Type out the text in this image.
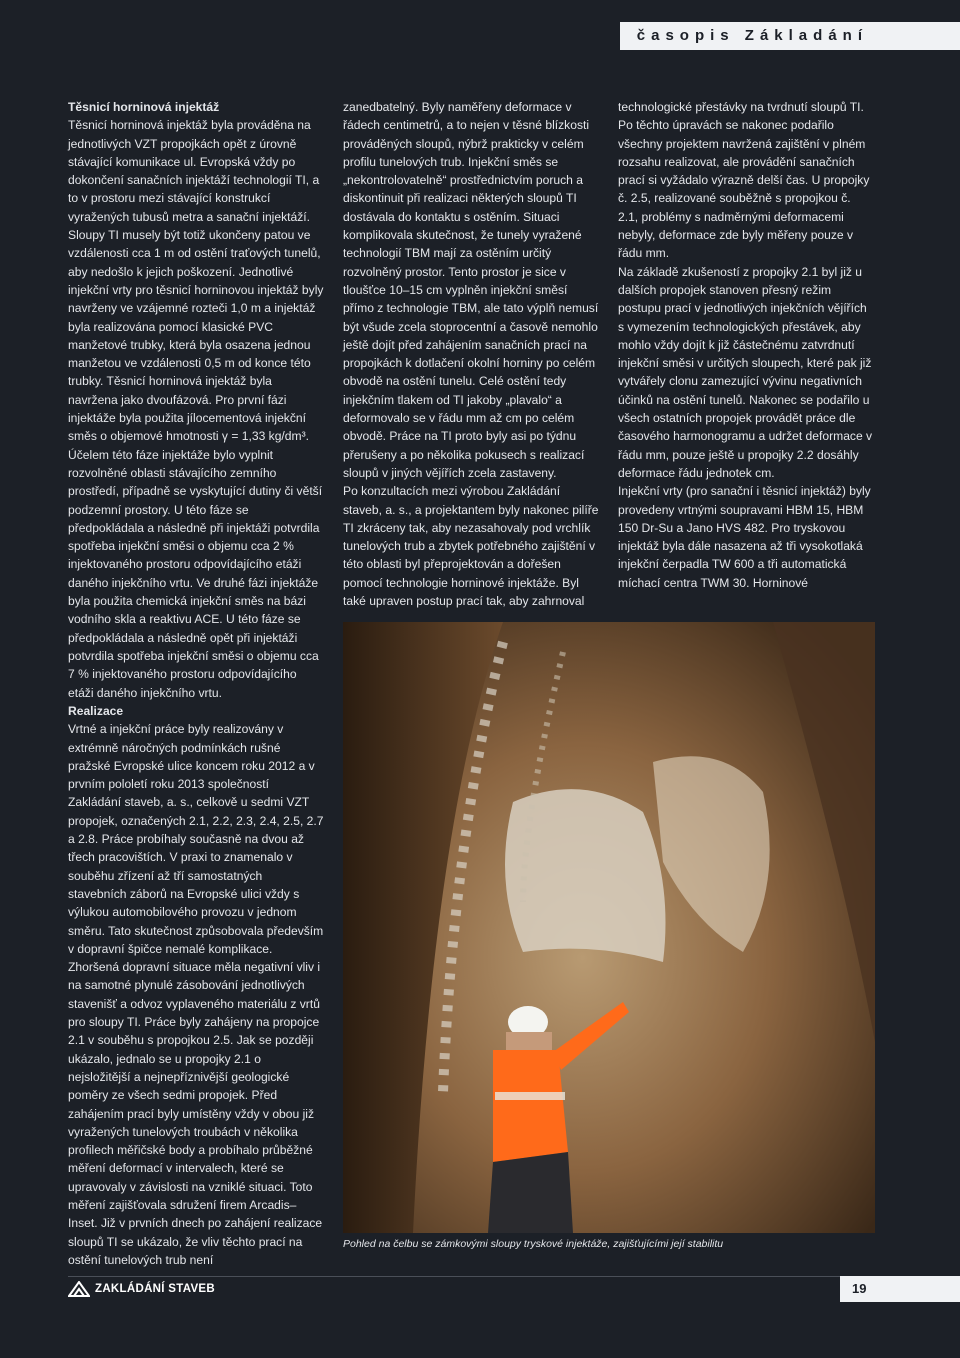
časopis Základání

Těsnicí horninová injektáž

Těsnicí horninová injektáž byla prováděna na jednotlivých VZT propojkách opět z úrovně stávající komunikace ul. Evropská vždy po dokončení sanačních injektáží technologií TI, a to v prostoru mezi stávající konstrukcí vyražených tubusů metra a sanační injektáží. Sloupy TI musely být totiž ukončeny patou ve vzdálenosti cca 1 m od ostění traťových tunelů, aby nedošlo k jejich poškození. Jednotlivé injekční vrty pro těsnicí horninovou injektáž byly navrženy ve vzájemné rozteči 1,0 m a injektáž byla realizována pomocí klasické PVC manžetové trubky, která byla osazena jednou manžetou ve vzdálenosti 0,5 m od konce této trubky. Těsnicí horninová injektáž byla navržena jako dvoufázová. Pro první fázi injektáže byla použita jílocementová injekční směs o objemové hmotnosti γ = 1,33 kg/dm³. Účelem této fáze injektáže bylo vyplnit rozvolněné oblasti stávajícího zemního prostředí, případně se vyskytující dutiny či větší podzemní prostory. U této fáze se předpokládala a následně při injektáži potvrdila spotřeba injekční směsi o objemu cca 2 % injektovaného prostoru odpovídajícího etáži daného injekčního vrtu. Ve druhé fázi injektáže byla použita chemická injekční směs na bázi vodního skla a reaktivu ACE. U této fáze se předpokládala a následně opět při injektáži potvrdila spotřeba injekční směsi o objemu cca 7 % injektovaného prostoru odpovídajícího etáži daného injekčního vrtu.

Realizace

Vrtné a injekční práce byly realizovány v extrémně náročných podmínkách rušné pražské Evropské ulice koncem roku 2012 a v prvním pololetí roku 2013 společností Zakládání staveb, a. s., celkově u sedmi VZT propojek, označených 2.1, 2.2, 2.3, 2.4, 2.5, 2.7 a 2.8. Práce probíhaly současně na dvou až třech pracovištích. V praxi to znamenalo v souběhu zřízení až tří samostatných stavebních záborů na Evropské ulici vždy s výlukou automobilového provozu v jednom směru. Tato skutečnost způsobovala především v dopravní špičce nemalé komplikace. Zhoršená dopravní situace měla negativní vliv i na samotné plynulé zásobování jednotlivých stavenišť a odvoz vyplaveného materiálu z vrtů pro sloupy TI. Práce byly zahájeny na propojce 2.1 v souběhu s propojkou 2.5. Jak se později ukázalo, jednalo se u propojky 2.1 o nejsložitější a nejnepříznivější geologické poměry ze všech sedmi propojek. Před zahájením prací byly umístěny vždy v obou již vyražených tunelových troubách v několika profilech měřičské body a probíhalo průběžné měření deformací v intervalech, které se upravovaly v závislosti na vzniklé situaci. Toto měření zajišťovala sdružení firem Arcadis–Inset. Již v prvních dnech po zahájení realizace sloupů TI se ukázalo, že vliv těchto prací na ostění tunelových trub není

zanedbatelný. Byly naměřeny deformace v řádech centimetrů, a to nejen v těsné blízkosti prováděných sloupů, nýbrž prakticky v celém profilu tunelových trub. Injekční směs se „nekontrolovatelně“ prostřednictvím poruch a diskontinuit při realizaci některých sloupů TI dostávala do kontaktu s ostěním. Situaci komplikovala skutečnost, že tunely vyražené technologií TBM mají za ostěním určitý rozvolněný prostor. Tento prostor je sice v tloušťce 10–15 cm vyplněn injekční směsí přímo z technologie TBM, ale tato výplň nemusí být všude zcela stoprocentní a časově nemohlo ještě dojít před zahájením sanačních prací na propojkách k dotlačení okolní horniny po celém obvodě na ostění tunelu. Celé ostění tedy injekčním tlakem od TI jakoby „plavalo“ a deformovalo se v řádu mm až cm po celém obvodě. Práce na TI proto byly asi po týdnu přerušeny a po několika pokusech s realizací sloupů v jiných vějířích zcela zastaveny.

Po konzultacích mezi výrobou Zakládání staveb, a. s., a projektantem byly nakonec pilíře TI zkráceny tak, aby nezasahovaly pod vrchlík tunelových trub a zbytek potřebného zajištění v této oblasti byl přeprojektován a dořešen pomocí technologie horninové injektáže. Byl také upraven postup prací tak, aby zahrnoval

technologické přestávky na tvrdnutí sloupů TI. Po těchto úpravách se nakonec podařilo všechny projektem navržená zajištění v plném rozsahu realizovat, ale provádění sanačních prací si vyžádalo výrazně delší čas. U propojky č. 2.5, realizované souběžně s propojkou č. 2.1, problémy s nadměrnými deformacemi nebyly, deformace zde byly měřeny pouze v řádu mm.

Na základě zkušeností z propojky 2.1 byl již u dalších propojek stanoven přesný režim postupu prací v jednotlivých injekčních vějířích s vymezením technologických přestávek, aby mohlo vždy dojít k již částečnému zatvrdnutí injekční směsi v určitých sloupech, které pak již vytvářely clonu zamezující vývinu negativních účinků na ostění tunelů. Nakonec se podařilo u všech ostatních propojek provádět práce dle časového harmonogramu a udržet deformace v řádu mm, pouze ještě u propojky 2.2 dosáhly deformace řádu jednotek cm.

Injekční vrty (pro sanační i těsnicí injektáž) byly provedeny vrtnými soupravami HBM 15, HBM 150 Dr-Su a Jano HVS 482. Pro tryskovou injektáž byla dále nasazena až tři vysokotlaká injekční čerpadla TW 600 a tři automatická míchací centra TWM 30. Horninové

Pohled na čelbu se zámkovými sloupy tryskové injektáže, zajišťujícími její stabilitu
ZAKLÁDÁNÍ STAVEB	19
